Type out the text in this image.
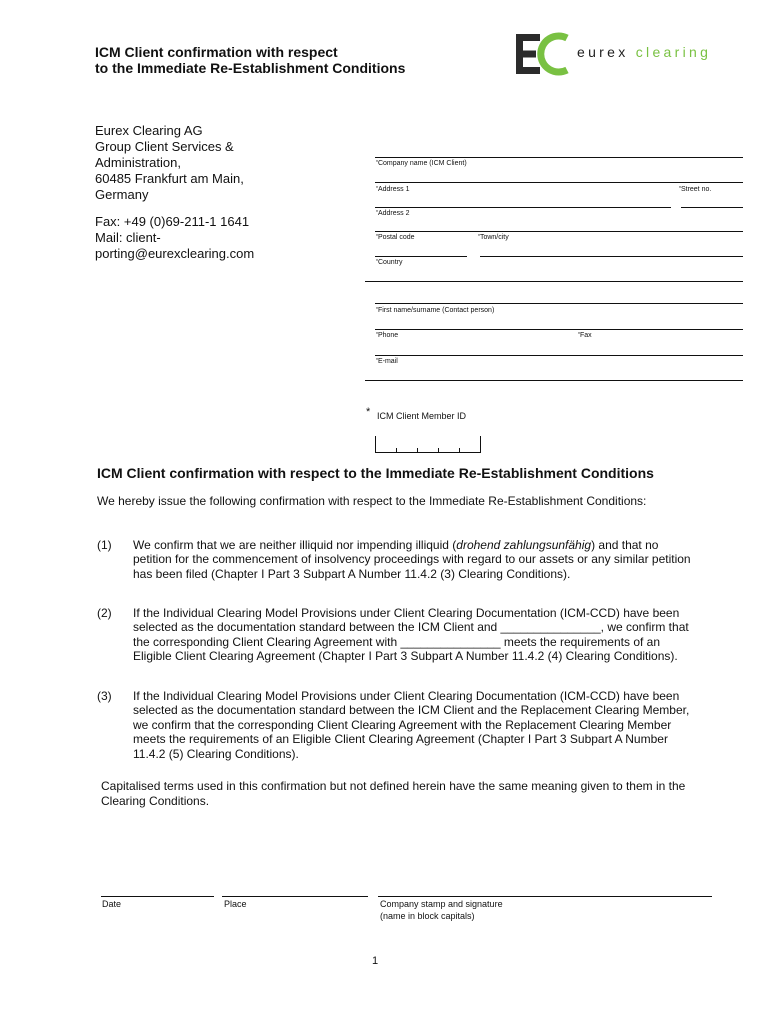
ICM Client confirmation with respect
to the Immediate Re-Establishment Conditions
eurex clearing
Eurex Clearing AG
Group Client Services &
Administration,
60485 Frankfurt am Main,
Germany
Fax: +49 (0)69-211-1 1641
Mail: client-
porting@eurexclearing.com
*Company name (ICM Client)
*Address 1	*Street no.
*Address 2
*Postal code	*Town/city
*Country
*First name/surname (Contact person)
*Phone	*Fax
*E-mail
* ICM Client Member ID
ICM Client confirmation with respect to the Immediate Re-Establishment Conditions
We hereby issue the following confirmation with respect to the Immediate Re-Establishment Conditions:
(1) We confirm that we are neither illiquid nor impending illiquid (drohend zahlungsunfähig) and that no petition for the commencement of insolvency proceedings with regard to our assets or any similar petition has been filed (Chapter I Part 3 Subpart A Number 11.4.2 (3) Clearing Conditions).
(2) If the Individual Clearing Model Provisions under Client Clearing Documentation (ICM-CCD) have been selected as the documentation standard between the ICM Client and _______________, we confirm that the corresponding Client Clearing Agreement with _______________ meets the requirements of an Eligible Client Clearing Agreement (Chapter I Part 3 Subpart A Number 11.4.2 (4) Clearing Conditions).
(3) If the Individual Clearing Model Provisions under Client Clearing Documentation (ICM-CCD) have been selected as the documentation standard between the ICM Client and the Replacement Clearing Member, we confirm that the corresponding Client Clearing Agreement with the Replacement Clearing Member meets the requirements of an Eligible Client Clearing Agreement (Chapter I Part 3 Subpart A Number 11.4.2 (5) Clearing Conditions).
Capitalised terms used in this confirmation but not defined herein have the same meaning given to them in the Clearing Conditions.
Date	Place	Company stamp and signature
(name in block capitals)
1
